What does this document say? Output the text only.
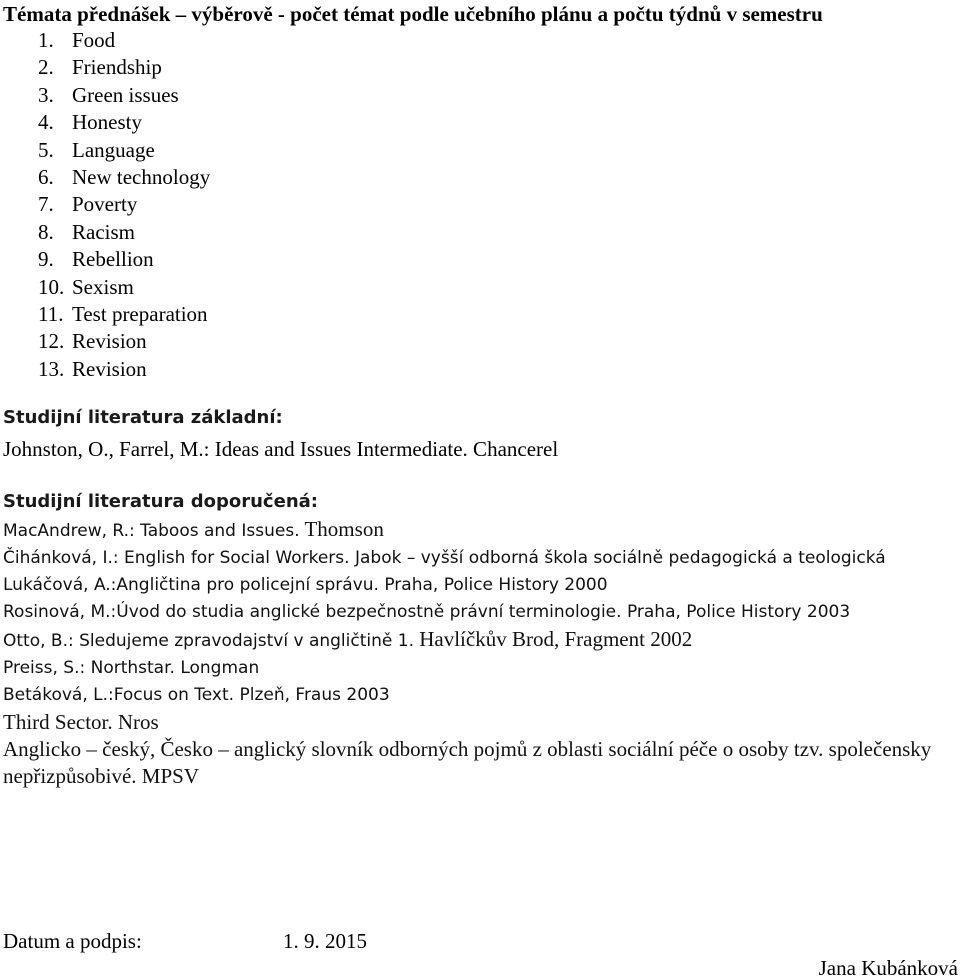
Témata přednášek – výběrově - počet témat podle učebního plánu a počtu týdnů v semestru
1. Food
2. Friendship
3. Green issues
4. Honesty
5. Language
6. New technology
7. Poverty
8. Racism
9. Rebellion
10. Sexism
11. Test preparation
12. Revision
13. Revision
Studijní literatura základní:
Johnston, O., Farrel, M.: Ideas and Issues Intermediate. Chancerel
Studijní literatura doporučená:
MacAndrew, R.: Taboos and Issues. Thomson
Čihánková, I.: English for Social Workers. Jabok – vyšší odborná škola sociálně pedagogická a teologická
Lukáčová, A.:Angličtina pro policejní správu. Praha, Police History 2000
Rosinová, M.:Úvod do studia anglické bezpečnostně právní terminologie. Praha, Police History 2003
Otto, B.: Sledujeme zpravodajství v angličtině 1. Havlíčkův Brod, Fragment 2002
Preiss, S.: Northstar. Longman
Betáková, L.:Focus on Text. Plzeň, Fraus 2003
Third Sector. Nros
Anglicko – český, Česko – anglický slovník odborných pojmů z oblasti sociální péče o osoby tzv. společensky nepřizpůsobivé. MPSV
Datum a podpis:	1. 9. 2015
Jana Kubánková
